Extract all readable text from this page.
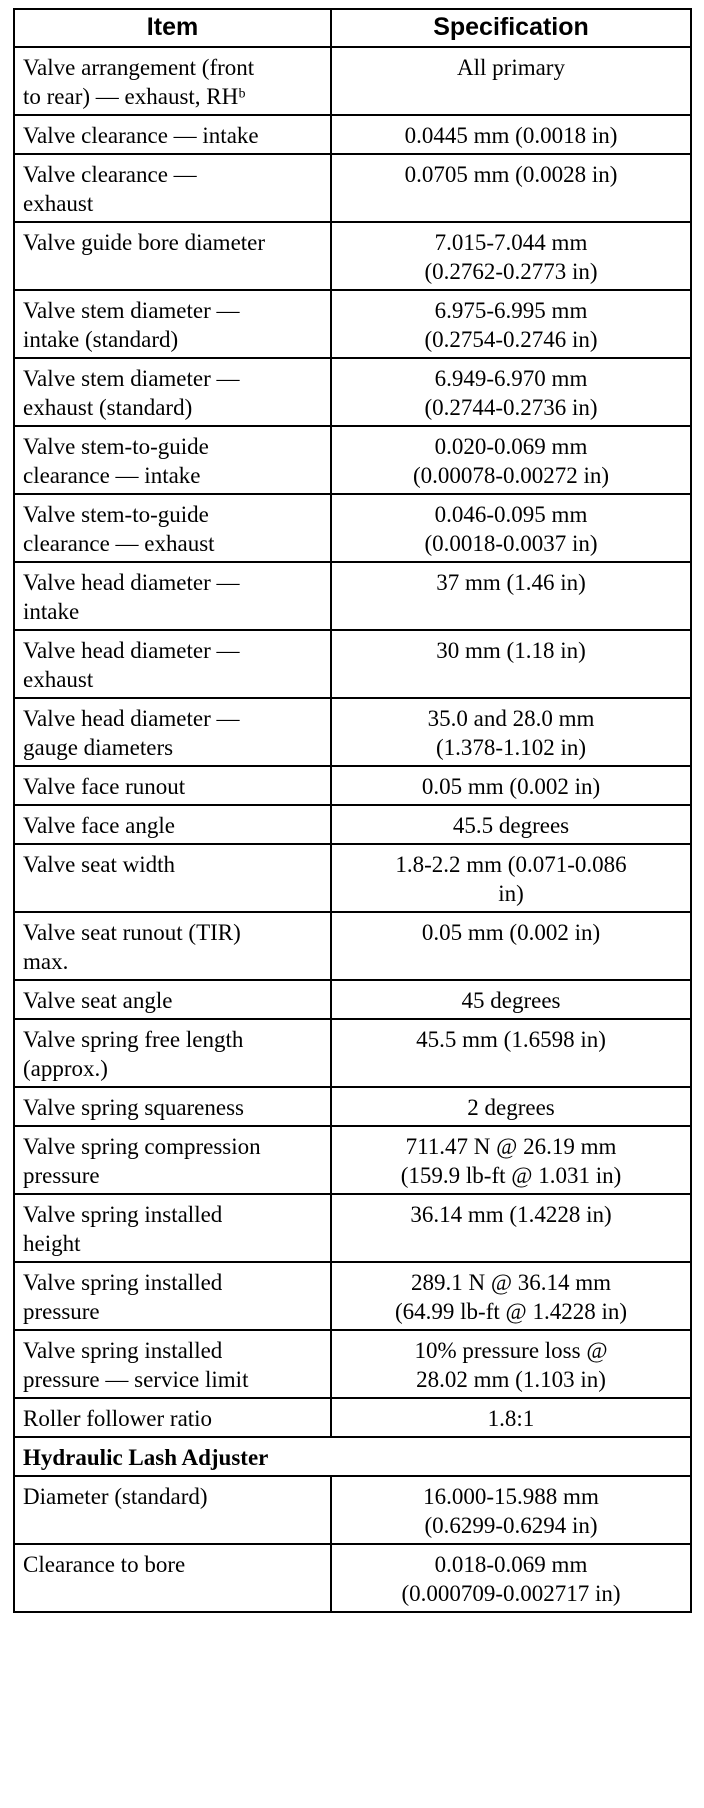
Item	Specification

Valve arrangement (front
to rear) — exhaust, RHᵇ	All primary

Valve clearance — intake	0.0445 mm (0.0018 in)

Valve clearance —
exhaust	0.0705 mm (0.0028 in)

Valve guide bore diameter	7.015-7.044 mm
(0.2762-0.2773 in)

Valve stem diameter —
intake (standard)	6.975-6.995 mm
(0.2754-0.2746 in)

Valve stem diameter —
exhaust (standard)	6.949-6.970 mm
(0.2744-0.2736 in)

Valve stem-to-guide
clearance — intake	0.020-0.069 mm
(0.00078-0.00272 in)

Valve stem-to-guide
clearance — exhaust	0.046-0.095 mm
(0.0018-0.0037 in)

Valve head diameter —
intake	37 mm (1.46 in)

Valve head diameter —
exhaust	30 mm (1.18 in)

Valve head diameter —
gauge diameters	35.0 and 28.0 mm
(1.378-1.102 in)

Valve face runout	0.05 mm (0.002 in)

Valve face angle	45.5 degrees

Valve seat width	1.8-2.2 mm (0.071-0.086
in)

Valve seat runout (TIR)
max.	0.05 mm (0.002 in)

Valve seat angle	45 degrees

Valve spring free length
(approx.)	45.5 mm (1.6598 in)

Valve spring squareness	2 degrees

Valve spring compression
pressure	711.47 N @ 26.19 mm
(159.9 lb-ft @ 1.031 in)

Valve spring installed
height	36.14 mm (1.4228 in)

Valve spring installed
pressure	289.1 N @ 36.14 mm
(64.99 lb-ft @ 1.4228 in)

Valve spring installed
pressure — service limit	10% pressure loss @
28.02 mm (1.103 in)

Roller follower ratio	1.8:1

Hydraulic Lash Adjuster	

Diameter (standard)	16.000-15.988 mm
(0.6299-0.6294 in)

Clearance to bore	0.018-0.069 mm
(0.000709-0.002717 in)
